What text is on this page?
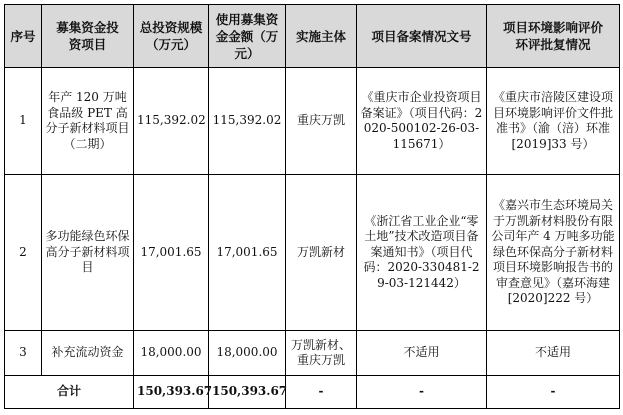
序号	募集资金投资项目	总投资规模（万元）	使用募集资金金额（万元）	实施主体	项目备案情况文号	项目环境影响评价环评批复情况
1	年产 120 万吨食品级 PET 高分子新材料项目（二期）	115,392.02	115,392.02	重庆万凯	《重庆市企业投资项目备案证》（项目代码：2020-500102-26-03-115671）	《重庆市涪陵区建设项目环境影响评价文件批准书》（渝（涪）环准[2019]33 号）
2	多功能绿色环保高分子新材料项目	17,001.65	17,001.65	万凯新材	《浙江省工业企业“零土地”技术改造项目备案通知书》（项目代码：2020-330481-29-03-121442）	《嘉兴市生态环境局关于万凯新材料股份有限公司年产 4 万吨多功能绿色环保高分子新材料项目环境影响报告书的审查意见》（嘉环海建[2020]222 号）
3	补充流动资金	18,000.00	18,000.00	万凯新材、重庆万凯	不适用	不适用
合计		150,393.67	150,393.67	-	-	-
